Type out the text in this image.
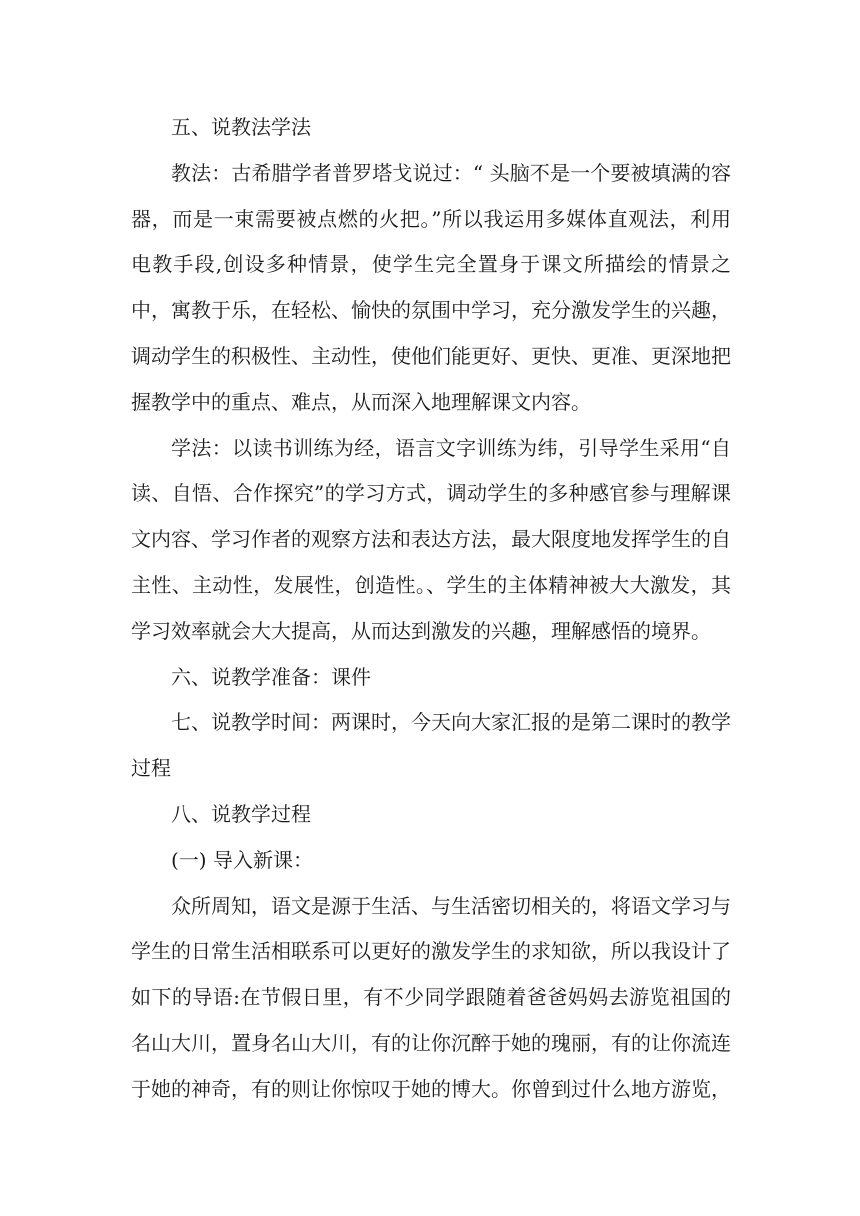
五、说教法学法

教法：古希腊学者普罗塔戈说过：“ 头脑不是一个要被填满的容器，而是一束需要被点燃的火把。”所以我运用多媒体直观法，利用电教手段,创设多种情景，使学生完全置身于课文所描绘的情景之中，寓教于乐，在轻松、愉快的氛围中学习，充分激发学生的兴趣，调动学生的积极性、主动性，使他们能更好、更快、更准、更深地把握教学中的重点、难点，从而深入地理解课文内容。

学法：以读书训练为经，语言文字训练为纬，引导学生采用“自读、自悟、合作探究”的学习方式，调动学生的多种感官参与理解课文内容、学习作者的观察方法和表达方法，最大限度地发挥学生的自主性、主动性，发展性，创造性。、学生的主体精神被大大激发，其学习效率就会大大提高，从而达到激发的兴趣，理解感悟的境界。

六、说教学准备：课件

七、说教学时间：两课时，今天向大家汇报的是第二课时的教学过程

八、说教学过程

(一) 导入新课：

众所周知，语文是源于生活、与生活密切相关的，将语文学习与学生的日常生活相联系可以更好的激发学生的求知欲，所以我设计了如下的导语:在节假日里，有不少同学跟随着爸爸妈妈去游览祖国的名山大川，置身名山大川，有的让你沉醉于她的瑰丽，有的让你流连于她的神奇，有的则让你惊叹于她的博大。你曾到过什么地方游览，
